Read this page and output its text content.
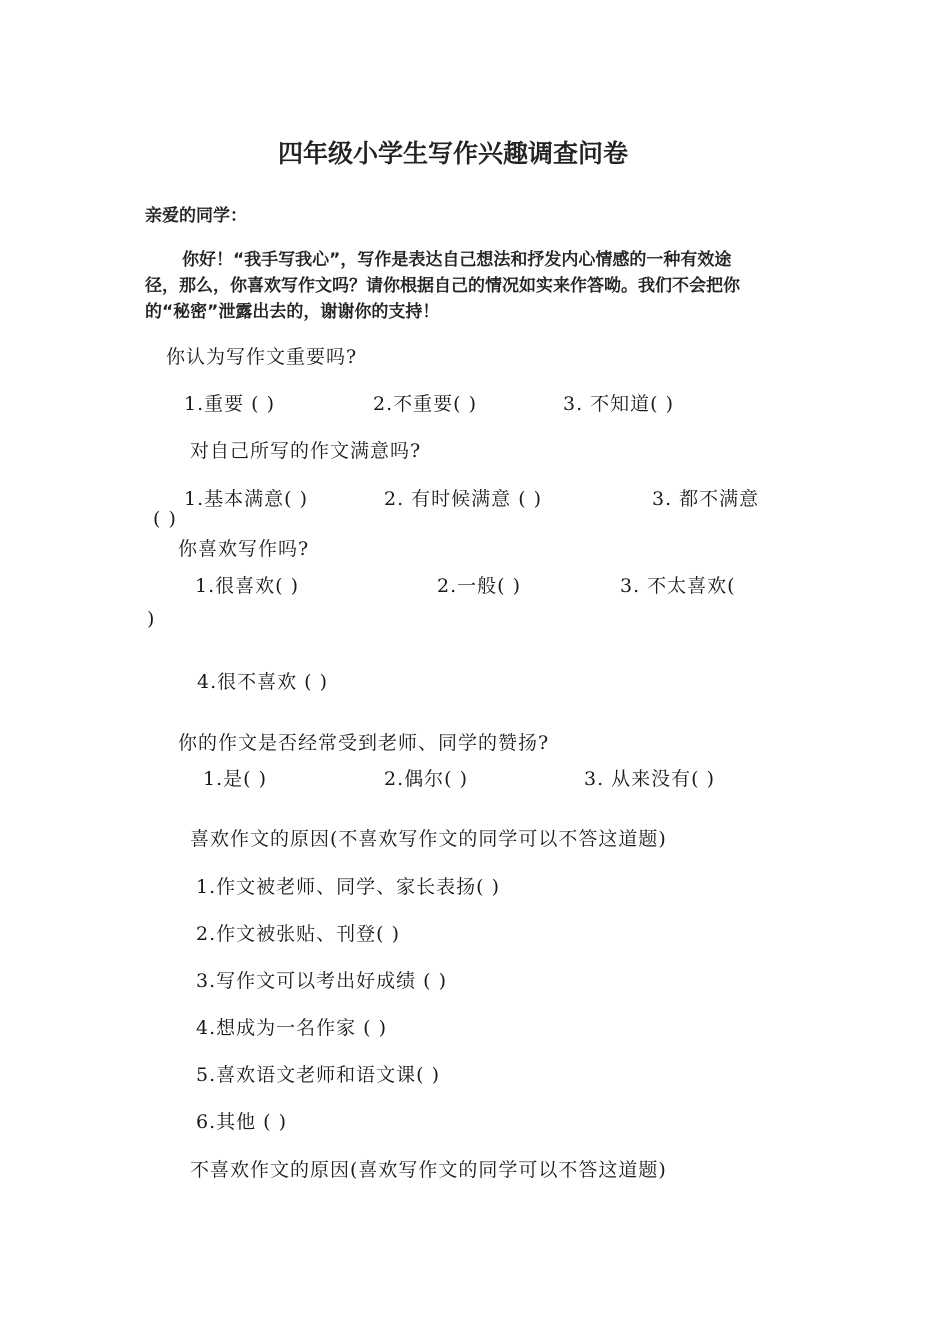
四年级小学生写作兴趣调查问卷
亲爱的同学：
你好！“我手写我心”，写作是表达自己想法和抒发内心情感的一种有效途
径，那么，你喜欢写作文吗？请你根据自己的情况如实来作答呦。我们不会把你
的“秘密”泄露出去的，谢谢你的支持！
你认为写作文重要吗?
1.重要 ( )	2.不重要( )	3. 不知道( )
对自己所写的作文满意吗?
1.基本满意( )	2. 有时候满意 ( )	3. 都不满意
( )
你喜欢写作吗?
1.很喜欢( )	2.一般( )	3. 不太喜欢(
)
4.很不喜欢 ( )
你的作文是否经常受到老师、同学的赞扬?
1.是( )	2.偶尔( )	3. 从来没有( )
喜欢作文的原因(不喜欢写作文的同学可以不答这道题)
1.作文被老师、同学、家长表扬( )
2.作文被张贴、刊登( )
3.写作文可以考出好成绩 ( )
4.想成为一名作家 ( )
5.喜欢语文老师和语文课( )
6.其他 ( )
不喜欢作文的原因(喜欢写作文的同学可以不答这道题)
